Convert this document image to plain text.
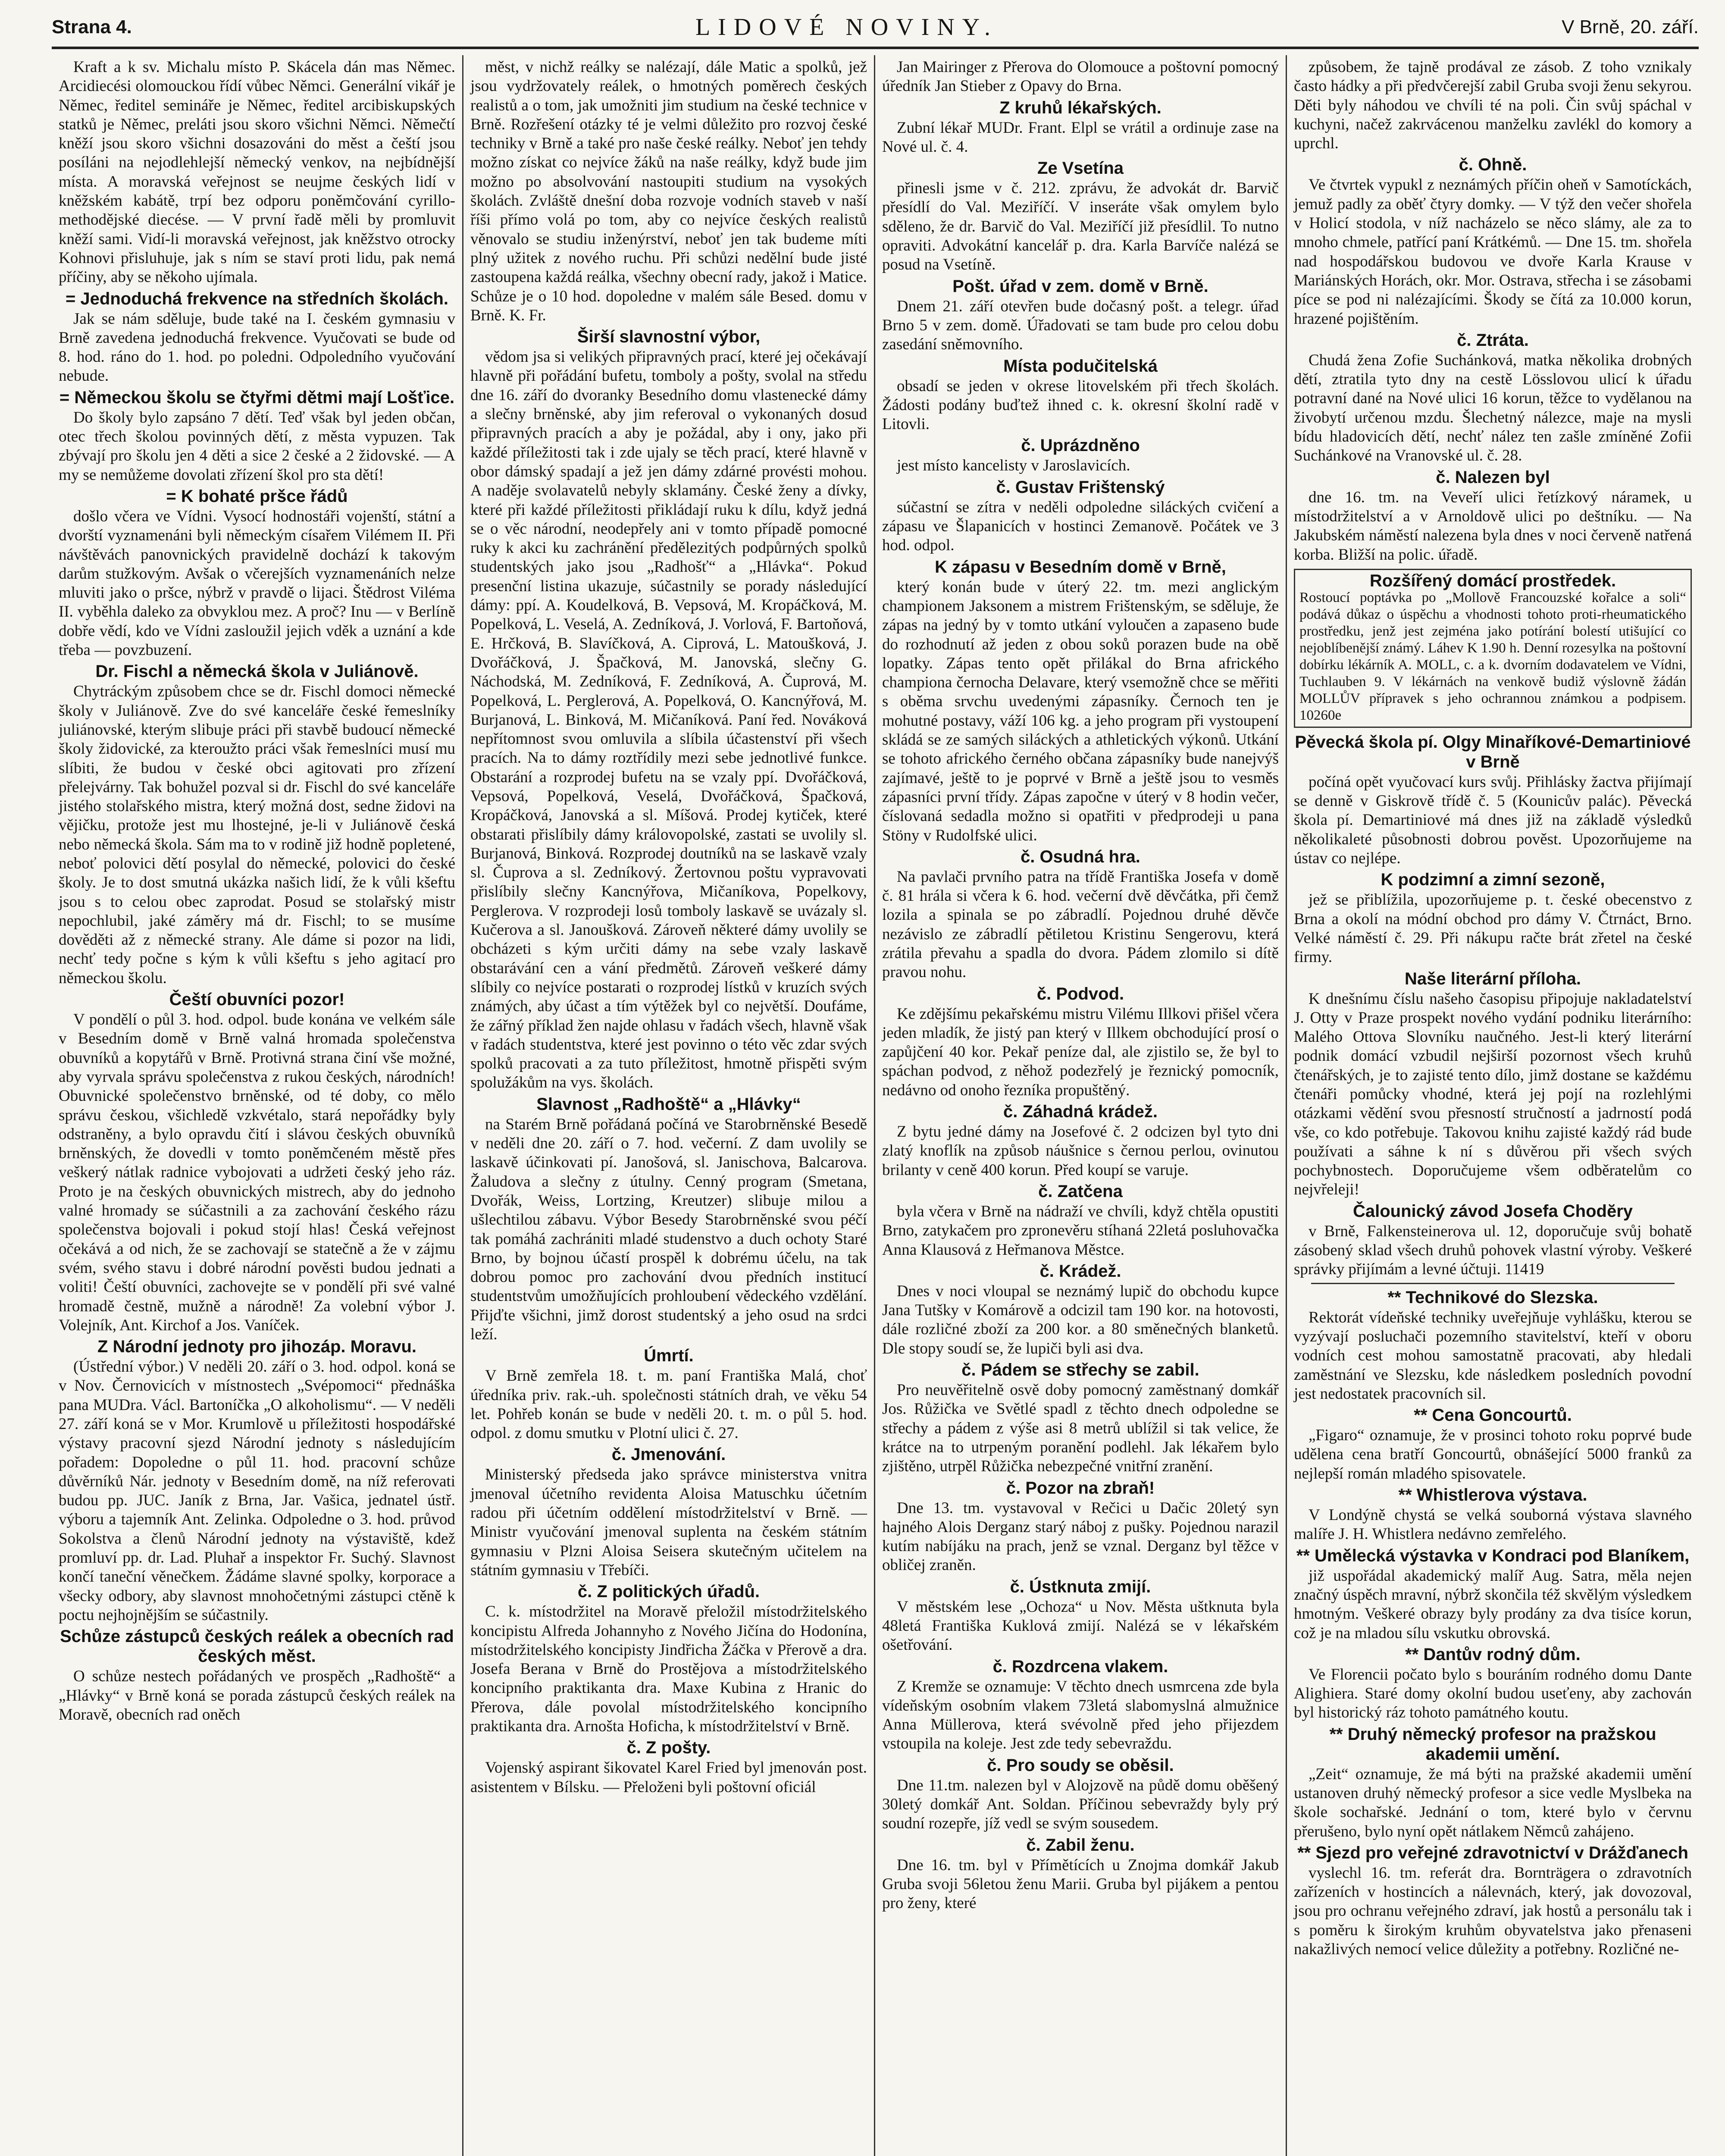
Strana 4.	LIDOVÉ NOVINY.	V Brně, 20. září.

Kraft a k sv. Michalu místo P. Skácela dán mas Němec. Arcidiecési olomouckou řídí vůbec Němci. Generální vikář je Němec, ředitel semináře je Němec, ředitel arcibiskupských statků je Němec, preláti jsou skoro všichni Němci. Němečtí kněží jsou skoro všichni dosazováni do měst a čeští jsou posíláni na nejodlehlejší německý venkov, na nejbídnější místa. A moravská veřejnost se neujme českých lidí v kněžském kabátě, trpí bez odporu poněmčování cyrillo-methodějské diecése. — V první řadě měli by promluvit kněží sami. Vidí-li moravská veřejnost, jak kněžstvo otrocky Kohnovi přisluhuje, jak s ním se staví proti lidu, pak nemá příčiny, aby se někoho ujímala.

= Jednoduchá frekvence na středních školách.

Jak se nám sděluje, bude také na I. českém gymnasiu v Brně zavedena jednoduchá frekvence. Vyučovati se bude od 8. hod. ráno do 1. hod. po poledni. Odpoledního vyučování nebude.

= Německou školu se čtyřmi dětmi mají Lošťice.

Do školy bylo zapsáno 7 dětí. Teď však byl jeden občan, otec třech školou povinných dětí, z města vypuzen. Tak zbývají pro školu jen 4 děti a sice 2 české a 2 židovské. — A my se nemůžeme dovolati zřízení škol pro sta dětí!

= K bohaté pršce řádů

došlo včera ve Vídni. Vysocí hodnostáři vojenští, státní a dvorští vyznamenáni byli německým císařem Vilémem II. Při návštěvách panovnických pravidelně dochází k takovým darům stužkovým. Avšak o včerejších vyznamenáních nelze mluviti jako o pršce, nýbrž v pravdě o lijaci. Štědrost Viléma II. vyběhla daleko za obvyklou mez. A proč? Inu — v Berlíně dobře vědí, kdo ve Vídni zasloužil jejich vděk a uznání a kde třeba — povzbuzení.

Dr. Fischl a německá škola v Juliánově.

Chytráckým způsobem chce se dr. Fischl domoci německé školy v Juliánově. Zve do své kanceláře české řemeslníky juliánovské, kterým slibuje práci při stavbě budoucí německé školy židovické, za kteroužto práci však řemeslníci musí mu slíbiti, že budou v české obci agitovati pro zřízení přelejvárny. Tak bohužel pozval si dr. Fischl do své kanceláře jistého stolařského mistra, který možná dost, sedne židovi na vějičku, protože jest mu lhostejné, je-li v Juliánově česká nebo německá škola. Sám ma to v rodině již hodně popletené, neboť polovici dětí posylal do německé, polovici do české školy. Je to dost smutná ukázka našich lidí, že k vůli kšeftu jsou s to celou obec zaprodat. Posud se stolařský mistr nepochlubil, jaké záměry má dr. Fischl; to se musíme dověděti až z německé strany. Ale dáme si pozor na lidi, nechť tedy počne s kým k vůli kšeftu s jeho agitací pro německou školu.

Čeští obuvníci pozor!

V pondělí o půl 3. hod. odpol. bude konána ve velkém sále v Besedním domě v Brně valná hromada společenstva obuvníků a kopytářů v Brně. Protivná strana činí vše možné, aby vyrvala správu společenstva z rukou českých, národních! Obuvnické společenstvo brněnské, od té doby, co mělo správu českou, všichledě vzkvétalo, stará nepořádky byly odstraněny, a bylo opravdu čití i slávou českých obuvníků brněnských, že dovedli v tomto poněmčeném městě přes veškerý nátlak radnice vybojovati a udržeti český jeho ráz. Proto je na českých obuvnických mistrech, aby do jednoho valné hromady se súčastnili a za zachování českého rázu společenstva bojovali i pokud stojí hlas! Česká veřejnost očekává a od nich, že se zachovají se statečně a že v zájmu svém, svého stavu i dobré národní pověsti budou jednati a voliti! Čeští obuvníci, zachovejte se v pondělí při své valné hromadě čestně, mužně a národně! Za volební výbor J. Volejník, Ant. Kirchof a Jos. Vaníček.

Z Národní jednoty pro jihozáp. Moravu.

(Ústřední výbor.) V neděli 20. září o 3. hod. odpol. koná se v Nov. Černovicích v místnostech „Svépomoci“ přednáška pana MUDra. Václ. Bartoníčka „O alkoholismu“. — V neděli 27. září koná se v Mor. Krumlově u příležitosti hospodářské výstavy pracovní sjezd Národní jednoty s následujícím pořadem: Dopoledne o půl 11. hod. pracovní schůze důvěrníků Nár. jednoty v Besedním domě, na níž referovati budou pp. JUC. Janík z Brna, Jar. Vašica, jednatel ústř. výboru a tajemník Ant. Zelinka. Odpoledne o 3. hod. průvod Sokolstva a členů Národní jednoty na výstaviště, kdež promluví pp. dr. Lad. Pluhař a inspektor Fr. Suchý. Slavnost končí taneční věnečkem. Žádáme slavné spolky, korporace a všecky odbory, aby slavnost mnohočetnými zástupci ctěně k poctu nejhojnějším se súčastnily.

Schůze zástupců českých reálek a obecních rad českých měst.

O schůze nestech pořádaných ve prospěch „Radhoště“ a „Hlávky“ v Brně koná se porada zástupců českých reálek na Moravě, obecních rad oněch

měst, v nichž reálky se nalézají, dále Matic a spolků, jež jsou vydržovately reálek, o hmotných poměrech českých realistů a o tom, jak umožniti jim studium na české technice v Brně. Rozřešení otázky té je velmi důležito pro rozvoj české techniky v Brně a také pro naše české reálky. Neboť jen tehdy možno získat co nejvíce žáků na naše reálky, když bude jim možno po absolvování nastoupiti studium na vysokých školách. Zvláště dnešní doba rozvoje vodních staveb v naší říši přímo volá po tom, aby co nejvíce českých realistů věnovalo se studiu inženýrství, neboť jen tak budeme míti plný užitek z nového ruchu. Při schůzi nedělní bude jisté zastoupena každá reálka, všechny obecní rady, jakož i Matice. Schůze je o 10 hod. dopoledne v malém sále Besed. domu v Brně. K. Fr.

Širší slavnostní výbor,

vědom jsa si velikých připravných prací, které jej očekávají hlavně při pořádání bufetu, tomboly a pošty, svolal na středu dne 16. září do dvoranky Besedního domu vlastenecké dámy a slečny brněnské, aby jim referoval o vykonaných dosud připravných pracích a aby je požádal, aby i ony, jako při každé příležitosti tak i zde ujaly se těch prací, které hlavně v obor dámský spadají a jež jen dámy zdárné provésti mohou. A naděje svolavatelů nebyly sklamány. České ženy a dívky, které při každé příležitosti přikládají ruku k dílu, když jedná se o věc národní, neodepřely ani v tomto případě pomocné ruky k akci ku zachránění předělezitých podpůrných spolků studentských jako jsou „Radhošť“ a „Hlávka“. Pokud presenční listina ukazuje, súčastnily se porady následující dámy: ppí. A. Koudelková, B. Vepsová, M. Kropáčková, M. Popelková, L. Veselá, A. Zedníková, J. Vorlová, F. Bartoňová, E. Hrčková, B. Slavíčková, A. Ciprová, L. Matoušková, J. Dvořáčková, J. Špačková, M. Janovská, slečny G. Náchodská, M. Zedníková, F. Zedníková, A. Čuprová, M. Popelková, L. Perglerová, A. Popelková, O. Kancnýřová, M. Burjanová, L. Binková, M. Mičaníková. Paní řed. Nováková nepřítomnost svou omluvila a slíbila účastenství při všech pracích. Na to dámy roztřídily mezi sebe jednotlivé funkce. Obstarání a rozprodej bufetu na se vzaly ppí. Dvořáčková, Vepsová, Popelková, Veselá, Dvořáčková, Špačková, Kropáčková, Janovská a sl. Míšová. Prodej kytiček, které obstarati přislíbily dámy královopolské, zastati se uvolily sl. Burjanová, Binková. Rozprodej doutníků na se laskavě vzaly sl. Čuprova a sl. Zedníkový. Žertovnou poštu vypravovati přislíbily slečny Kancnýřova, Mičaníkova, Popelkovy, Perglerova. V rozprodeji losů tomboly laskavě se uvázaly sl. Kučerova a sl. Janoušková. Zároveň některé dámy uvolily se obcházeti s kým určiti dámy na sebe vzaly laskavě obstarávání cen a vání předmětů. Zároveň veškeré dámy slíbily co nejvíce postarati o rozprodej lístků v kruzích svých známých, aby účast a tím výtěžek byl co největší. Doufáme, že zářný příklad žen najde ohlasu v řadách všech, hlavně však v řadách studentstva, které jest povinno o této věc zdar svých spolků pracovati a za tuto příležitost, hmotně přispěti svým spolužákům na vys. školách.

Slavnost „Radhoště“ a „Hlávky“

na Starém Brně pořádaná počíná ve Starobrněnské Besedě v neděli dne 20. září o 7. hod. večerní. Z dam uvolily se laskavě účinkovati pí. Janošová, sl. Janischova, Balcarova. Žaludova a slečny z útulny. Cenný program (Smetana, Dvořák, Weiss, Lortzing, Kreutzer) slibuje milou a ušlechtilou zábavu. Výbor Besedy Starobrněnské svou péčí tak pomáhá zachrániti mladé studenstvo a duch ochoty Staré Brno, by bojnou účastí prospěl k dobrému účelu, na tak dobrou pomoc pro zachování dvou předních institucí studentstvům umožňujících prohloubení vědeckého vzdělání. Přijďte všichni, jimž dorost studentský a jeho osud na srdci leží.

Úmrtí.

V Brně zemřela 18. t. m. paní Františka Malá, choť úředníka priv. rak.-uh. společnosti státních drah, ve věku 54 let. Pohřeb konán se bude v neděli 20. t. m. o půl 5. hod. odpol. z domu smutku v Plotní ulici č. 27.

č. Jmenování.

Ministerský předseda jako správce ministerstva vnitra jmenoval účetního revidenta Aloisa Matuschku účetním radou při účetním oddělení místodržitelství v Brně. — Ministr vyučování jmenoval suplenta na českém státním gymnasiu v Plzni Aloisa Seisera skutečným učitelem na státním gymnasiu v Třebíči.

č. Z politických úřadů.

C. k. místodržitel na Moravě přeložil místodržitelského koncipistu Alfreda Johannyho z Nového Jičína do Hodonína, místodržitelského koncipisty Jindřicha Žáčka v Přerově a dra. Josefa Berana v Brně do Prostějova a místodržitelského koncipního praktikanta dra. Maxe Kubina z Hranic do Přerova, dále povolal místodržitelského koncipního praktikanta dra. Arnošta Hoficha, k místodržitelství v Brně.

č. Z pošty.

Vojenský aspirant šikovatel Karel Fried byl jmenován post. asistentem v Bílsku. — Přeloženi byli poštovní oficiál

Jan Mairinger z Přerova do Olomouce a poštovní pomocný úředník Jan Stieber z Opavy do Brna.

Z kruhů lékařských.

Zubní lékař MUDr. Frant. Elpl se vrátil a ordinuje zase na Nové ul. č. 4.

Ze Vsetína

přinesli jsme v č. 212. zprávu, že advokát dr. Barvič přesídlí do Val. Meziříčí. V inseráte však omylem bylo sděleno, že dr. Barvič do Val. Meziříčí již přesídlil. To nutno opraviti. Advokátní kancelář p. dra. Karla Barvíče nalézá se posud na Vsetíně.

Pošt. úřad v zem. domě v Brně.

Dnem 21. září otevřen bude dočasný pošt. a telegr. úřad Brno 5 v zem. domě. Úřadovati se tam bude pro celou dobu zasedání sněmovního.

Místa podučitelská

obsadí se jeden v okrese litovelském při třech školách. Žádosti podány buďtež ihned c. k. okresní školní radě v Litovli.

č. Uprázdněno

jest místo kancelisty v Jaroslavicích.

č. Gustav Frištenský

súčastní se zítra v neděli odpoledne siláckých cvičení a zápasu ve Šlapanicích v hostinci Zemanově. Počátek ve 3 hod. odpol.

K zápasu v Besedním domě v Brně,

který konán bude v úterý 22. tm. mezi anglickým championem Jaksonem a mistrem Frištenským, se sděluje, že zápas na jedný by v tomto utkání vyloučen a zapaseno bude do rozhodnutí až jeden z obou soků porazen bude na obě lopatky. Zápas tento opět přilákal do Brna afrického championa černocha Delavare, který vsemožně chce se měřiti s oběma srvchu uvedenými zápasníky. Černoch ten je mohutné postavy, váží 106 kg. a jeho program při vystoupení skládá se ze samých siláckých a athletických výkonů. Utkání se tohoto afrického černého občana zápasníky bude nanejvýš zajímavé, ještě to je poprvé v Brně a ještě jsou to vesměs zápasníci první třídy. Zápas započne v úterý v 8 hodin večer, číslovaná sedadla možno si opatřiti v předprodeji u pana Stöny v Rudolfské ulici.

č. Osudná hra.

Na pavlači prvního patra na třídě Františka Josefa v domě č. 81 hrála si včera k 6. hod. večerní dvě děvčátka, při čemž lozila a spinala se po zábradlí. Pojednou druhé děvče nezávislo ze zábradlí pětiletou Kristinu Sengerovu, která zrátila převahu a spadla do dvora. Pádem zlomilo si dítě pravou nohu.

č. Podvod.

Ke zdějšímu pekařskému mistru Vilému Illkovi přišel včera jeden mladík, že jistý pan který v Illkem obchodující prosí o zapůjčení 40 kor. Pekař peníze dal, ale zjistilo se, že byl to spáchan podvod, z něhož podezřelý je řeznický pomocník, nedávno od onoho řezníka propuštěný.

č. Záhadná krádež.

Z bytu jedné dámy na Josefové č. 2 odcizen byl tyto dni zlatý knoflík na způsob náušnice s černou perlou, ovinutou brilanty v ceně 400 korun. Před koupí se varuje.

č. Zatčena

byla včera v Brně na nádraží ve chvíli, když chtěla opustiti Brno, zatykačem pro zpronevěru stíhaná 22letá posluhovačka Anna Klausová z Heřmanova Městce.

č. Krádež.

Dnes v noci vloupal se neznámý lupič do obchodu kupce Jana Tutšky v Komárově a odcizil tam 190 kor. na hotovosti, dále rozličné zboží za 200 kor. a 80 směnečných blanketů. Dle stopy soudí se, že lupiči byli asi dva.

č. Pádem se střechy se zabil.

Pro neuvěřitelně osvě doby pomocný zaměstnaný domkář Jos. Růžička ve Světlé spadl z těchto dnech odpoledne se střechy a pádem z výše asi 8 metrů ublížil si tak velice, že krátce na to utrpeným poranění podlehl. Jak lékařem bylo zjištěno, utrpěl Růžička nebezpečné vnitřní zranění.

č. Pozor na zbraň!

Dne 13. tm. vystavoval v Rečici u Dačic 20letý syn hajného Alois Derganz starý náboj z pušky. Pojednou narazil kutím nabíjáku na prach, jenž se vznal. Derganz byl těžce v obličej zraněn.

č. Ústknuta zmijí.

V městském lese „Ochoza“ u Nov. Města uštknuta byla 48letá Františka Kuklová zmijí. Nalézá se v lékařském ošetřování.

č. Rozdrcena vlakem.

Z Kremže se oznamuje: V těchto dnech usmrcena zde byla vídeňským osobním vlakem 73letá slabomyslná almužnice Anna Müllerova, která svévolně před jeho přijezdem vstoupila na koleje. Jest zde tedy sebevraždu.

č. Pro soudy se oběsil.

Dne 11.tm. nalezen byl v Alojzově na půdě domu oběšený 30letý domkář Ant. Soldan. Příčinou sebevraždy byly prý soudní rozepře, jíž vedl se svým sousedem.

č. Zabil ženu.

Dne 16. tm. byl v Přímětících u Znojma domkář Jakub Gruba svoji 56letou ženu Marii. Gruba byl pijákem a pentou pro ženy, které

způsobem, že tajně prodával ze zásob. Z toho vznikaly často hádky a při předvčerejší zabil Gruba svoji ženu sekyrou. Děti byly náhodou ve chvíli té na poli. Čin svůj spáchal v kuchyni, načež zakrvácenou manželku zavlékl do komory a uprchl.

č. Ohně.

Ve čtvrtek vypukl z neznámých příčin oheň v Samotíckách, jemuž padly za oběť čtyry domky. — V týž den večer shořela v Holicí stodola, v níž nacházelo se něco slámy, ale za to mnoho chmele, patřící paní Krátkémů. — Dne 15. tm. shořela nad hospodářskou budovou ve dvoře Karla Krause v Mariánských Horách, okr. Mor. Ostrava, střecha i se zásobami píce se pod ni nalézajícími. Škody se čítá za 10.000 korun, hrazené pojištěním.

č. Ztráta.

Chudá žena Zofie Suchánková, matka několika drobných dětí, ztratila tyto dny na cestě Lösslovou ulicí k úřadu potravní dané na Nové ulici 16 korun, těžce to vydělanou na živobytí určenou mzdu. Šlechetný nálezce, maje na mysli bídu hladovicích dětí, nechť nález ten zašle zmíněné Zofii Suchánkové na Vranovské ul. č. 28.

č. Nalezen byl

dne 16. tm. na Veveří ulici řetízkový náramek, u místodržitelství a v Arnoldově ulici po deštníku. — Na Jakubském náměstí nalezena byla dnes v noci červeně natřená korba. Bližší na polic. úřadě.

Rozšířený domácí prostředek.
Rostoucí poptávka po „Mollově Francouzské kořalce a soli“ podává důkaz o úspěchu a vhodnosti tohoto proti-rheumatického prostředku, jenž jest zejména jako potírání bolestí utišující co nejoblíbenější známý. Láhev K 1.90 h. Denní rozesylka na poštovní dobírku lékárník A. MOLL, c. a k. dvorním dodavatelem ve Vídni, Tuchlauben 9. V lékárnách na venkově budiž výslovně žádán MOLLŮV přípravek s jeho ochrannou známkou a podpisem. 10260e
Pěvecká škola pí. Olgy Minaříkové-Demartiniové v Brně

počíná opět vyučovací kurs svůj. Přihlásky žactva přijímají se denně v Giskrově třídě č. 5 (Kounicův palác). Pěvecká škola pí. Demartiniové má dnes již na základě výsledků několikaleté působnosti dobrou pověst. Upozorňujeme na ústav co nejlépe.

K podzimní a zimní sezoně,

jež se přiblížila, upozorňujeme p. t. české obecenstvo z Brna a okolí na módní obchod pro dámy V. Čtrnáct, Brno. Velké náměstí č. 29. Při nákupu račte brát zřetel na české firmy.

Naše literární příloha.

K dnešnímu číslu našeho časopisu připojuje nakladatelství J. Otty v Praze prospekt nového vydání podniku literárního: Malého Ottova Slovníku naučného. Jest-li který literární podnik domácí vzbudil nejširší pozornost všech kruhů čtenářských, je to zajisté tento dílo, jimž dostane se každému čtenáři pomůcky vhodné, která jej pojí na rozlehlými otázkami vědění svou přesností stručností a jadrností podá vše, co kdo potřebuje. Takovou knihu zajisté každý rád bude používati a sáhne k ní s důvěrou při všech svých pochybnostech. Doporučujeme všem odběratelům co nejvřeleji!

Čalounický závod Josefa Chodĕry

v Brně, Falkensteinerova ul. 12, doporučuje svůj bohatě zásobený sklad všech druhů pohovek vlastní výroby. Veškeré správky přijímám a levné účtuji. 11419

** Technikové do Slezska.

Rektorát vídeňské techniky uveřejňuje vyhlášku, kterou se vyzývají posluchači pozemního stavitelství, kteří v oboru vodních cest mohou samostatně pracovati, aby hledali zaměstnání ve Slezsku, kde následkem posledních povodní jest nedostatek pracovních sil.

** Cena Goncourtů.

„Figaro“ oznamuje, že v prosinci tohoto roku poprvé bude udělena cena bratří Goncourtů, obnášející 5000 franků za nejlepší román mladého spisovatele.

** Whistlerova výstava.

V Londýně chystá se velká souborná výstava slavného malíře J. H. Whistlera nedávno zemřelého.

** Umělecká výstavka v Kondraci pod Blaníkem,

již uspořádal akademický malíř Aug. Satra, měla nejen značný úspěch mravní, nýbrž skončila též skvělým výsledkem hmotným. Veškeré obrazy byly prodány za dva tisíce korun, což je na mladou sílu vskutku obrovská.

** Dantův rodný dům.

Ve Florencii počato bylo s bouráním rodného domu Dante Alighiera. Staré domy okolní budou useťeny, aby zachován byl historický ráz tohoto památného koutu.

** Druhý německý profesor na pražskou akademii umění.

„Zeit“ oznamuje, že má býti na pražské akademii umění ustanoven druhý německý profesor a sice vedle Myslbeka na škole sochařské. Jednání o tom, které bylo v červnu přerušeno, bylo nyní opět nátlakem Němců zahájeno.

** Sjezd pro veřejné zdravotnictví v Drážďanech

vyslechl 16. tm. referát dra. Bornträgera o zdravotních zařízeních v hostincích a nálevnách, který, jak dovozoval, jsou pro ochranu veřejného zdraví, jak hostů a personálu tak i s poměru k širokým kruhům obyvatelstva jako přenaseni nakažlivých nemocí velice důležity a potřebny. Rozličné ne-
